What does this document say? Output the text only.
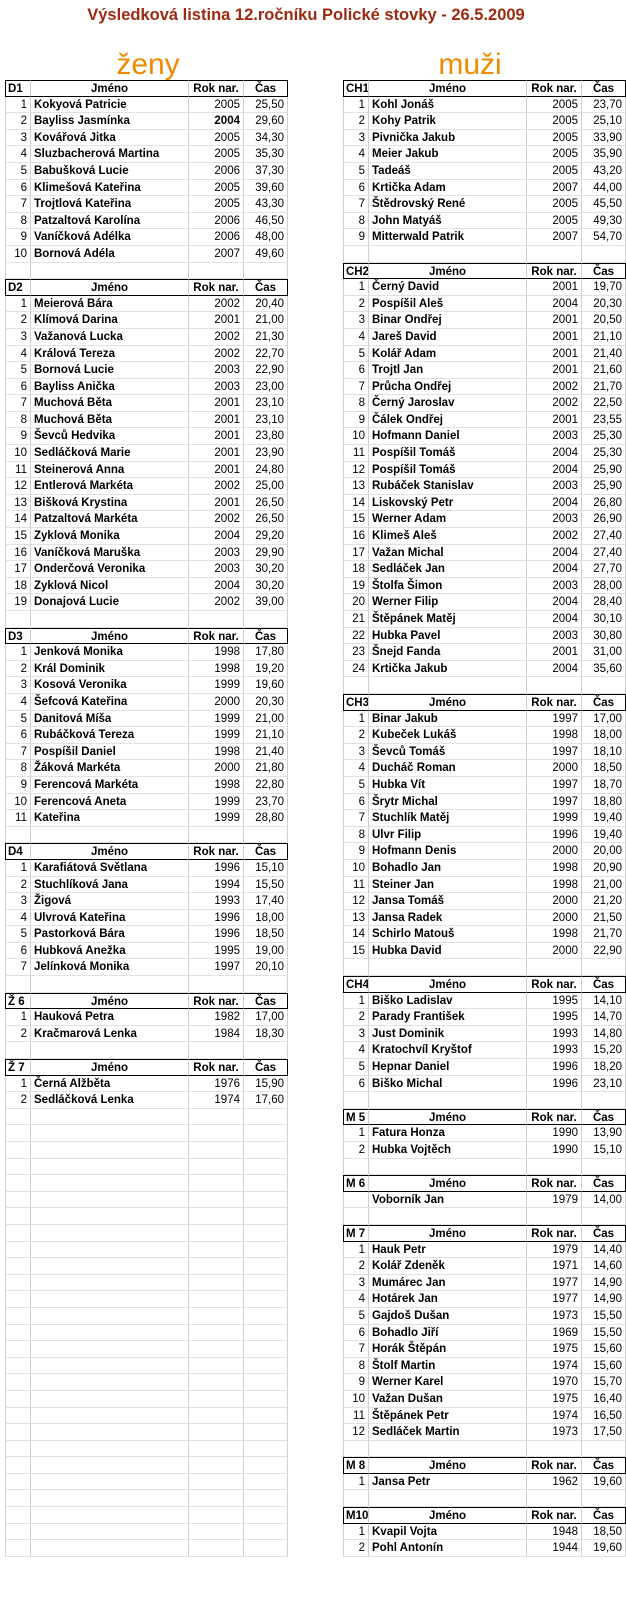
Výsledková listina 12.ročníku Polické stovky - 26.5.2009
ženy	muži
D1	Jméno	Rok nar.	Čas
1 Kokyová Patricie	2005	25,50
2 Bayliss Jasmínka	2004	29,60
3 Kovářová Jitka	2005	34,30
4 Sluzbacherová Martina	2005	35,30
5 Babušková Lucie	2006	37,30
6 Klimešová Kateřina	2005	39,60
7 Trojtlová Kateřina	2005	43,30
8 Patzaltová Karolína	2006	46,50
9 Vaníčková Adélka	2006	48,00
10 Bornová Adéla	2007	49,60
D2	Jméno	Rok nar.	Čas
1 Meierová Bára	2002	20,40
2 Klímová Darina	2001	21,00
3 Važanová Lucka	2002	21,30
4 Králová Tereza	2002	22,70
5 Bornová Lucie	2003	22,90
6 Bayliss Anička	2003	23,00
7 Muchová Běta	2001	23,10
8 Muchová Běta	2001	23,10
9 Ševců Hedvika	2001	23,80
10 Sedláčková Marie	2001	23,90
11 Steinerová Anna	2001	24,80
12 Entlerová Markéta	2002	25,00
13 Bišková Krystina	2001	26,50
14 Patzaltová Markéta	2002	26,50
15 Zyklová Monika	2004	29,20
16 Vaníčková Maruška	2003	29,90
17 Onderčová Veronika	2003	30,20
18 Zyklová Nicol	2004	30,20
19 Donajová Lucie	2002	39,00
D3	Jméno	Rok nar.	Čas
1 Jenková Monika	1998	17,80
2 Král Dominik	1998	19,20
3 Kosová Veronika	1999	19,60
4 Šefcová Kateřina	2000	20,30
5 Danitová Míša	1999	21,00
6 Rubáčková Tereza	1999	21,10
7 Pospíšil Daniel	1998	21,40
8 Žáková Markéta	2000	21,80
9 Ferencová Markéta	1998	22,80
10 Ferencová Aneta	1999	23,70
11 Kateřina	1999	28,80
D4	Jméno	Rok nar.	Čas
1 Karafiátová Světlana	1996	15,10
2 Stuchlíková Jana	1994	15,50
3 Žigová	1993	17,40
4 Ulvrová Kateřina	1996	18,00
5 Pastorková Bára	1996	18,50
6 Hubková Anežka	1995	19,00
7 Jelínková Monika	1997	20,10
Ž 6	Jméno	Rok nar.	Čas
1 Hauková Petra	1982	17,00
2 Kračmarová Lenka	1984	18,30
Ž 7	Jméno	Rok nar.	Čas
1 Černá Alžběta	1976	15,90
2 Sedláčková Lenka	1974	17,60
CH1	Jméno	Rok nar.	Čas
1 Kohl Jonáš	2005	23,70
2 Kohy Patrik	2005	25,10
3 Pivnička Jakub	2005	33,90
4 Meier Jakub	2005	35,90
5 Tadeáš	2005	43,20
6 Krtička Adam	2007	44,00
7 Štědrovský René	2005	45,50
8 John Matyáš	2005	49,30
9 Mitterwald Patrik	2007	54,70
CH2	Jméno	Rok nar.	Čas
1 Černý David	2001	19,70
2 Pospíšil Aleš	2004	20,30
3 Binar Ondřej	2001	20,50
4 Jareš David	2001	21,10
5 Kolář Adam	2001	21,40
6 Trojtl Jan	2001	21,60
7 Průcha Ondřej	2002	21,70
8 Černý Jaroslav	2002	22,50
9 Čálek Ondřej	2001	23,55
10 Hofmann Daniel	2003	25,30
11 Pospíšil Tomáš	2004	25,30
12 Pospíšil Tomáš	2004	25,90
13 Rubáček Stanislav	2003	25,90
14 Liskovský Petr	2004	26,80
15 Werner Adam	2003	26,90
16 Klimeš Aleš	2002	27,40
17 Važan Michal	2004	27,40
18 Sedláček Jan	2004	27,70
19 Štolfa Šimon	2003	28,00
20 Werner Filip	2004	28,40
21 Štěpánek Matěj	2004	30,10
22 Hubka Pavel	2003	30,80
23 Šnejd Fanda	2001	31,00
24 Krtička Jakub	2004	35,60
CH3	Jméno	Rok nar.	Čas
1 Binar Jakub	1997	17,00
2 Kubeček Lukáš	1998	18,00
3 Ševců Tomáš	1997	18,10
4 Ducháč Roman	2000	18,50
5 Hubka Vít	1997	18,70
6 Šrytr Michal	1997	18,80
7 Stuchlík Matěj	1999	19,40
8 Ulvr Filip	1996	19,40
9 Hofmann Denis	2000	20,00
10 Bohadlo Jan	1998	20,90
11 Steiner Jan	1998	21,00
12 Jansa Tomáš	2000	21,20
13 Jansa Radek	2000	21,50
14 Schirlo Matouš	1998	21,70
15 Hubka David	2000	22,90
CH4	Jméno	Rok nar.	Čas
1 Biško Ladislav	1995	14,10
2 Parady František	1995	14,70
3 Just Dominik	1993	14,80
4 Kratochvíl Kryštof	1993	15,20
5 Hepnar Daniel	1996	18,20
6 Biško Michal	1996	23,10
M 5	Jméno	Rok nar.	Čas
1 Fatura Honza	1990	13,90
2 Hubka Vojtěch	1990	15,10
M 6	Jméno	Rok nar.	Čas
Voborník Jan	1979	14,00
M 7	Jméno	Rok nar.	Čas
1 Hauk Petr	1979	14,40
2 Kolář Zdeněk	1971	14,60
3 Mumárec Jan	1977	14,90
4 Hotárek Jan	1977	14,90
5 Gajdoš Dušan	1973	15,50
6 Bohadlo Jiří	1969	15,50
7 Horák Štěpán	1975	15,60
8 Štolf Martin	1974	15,60
9 Werner Karel	1970	15,70
10 Važan Dušan	1975	16,40
11 Štěpánek Petr	1974	16,50
12 Sedláček Martin	1973	17,50
M 8	Jméno	Rok nar.	Čas
1 Jansa Petr	1962	19,60
M10	Jméno	Rok nar.	Čas
1 Kvapil Vojta	1948	18,50
2 Pohl Antonín	1944	19,60
